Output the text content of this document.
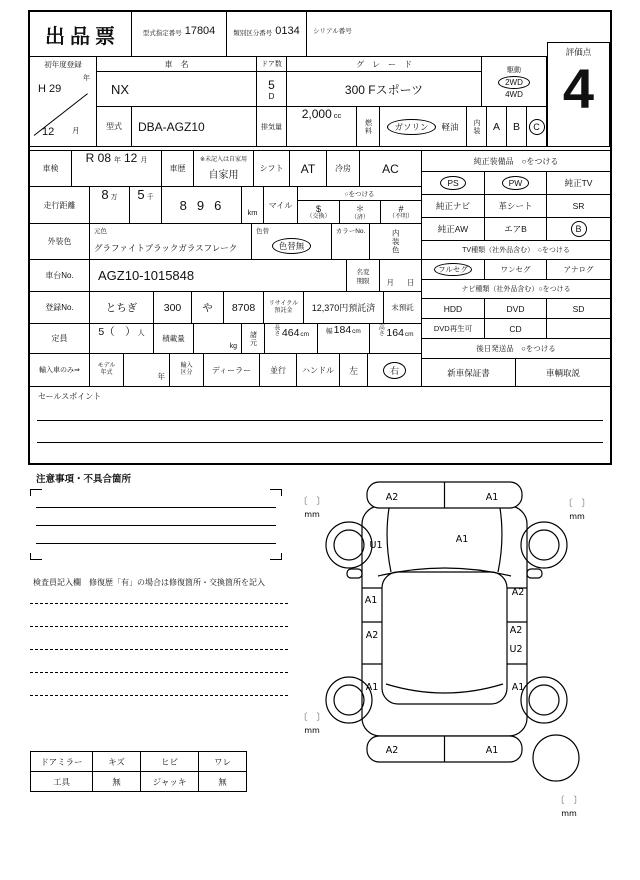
出品票	型式指定番号 17804	類別区分番号 0134 シリアル番号
初年度登録
年
H 29
12 月
車　名
NX
ドア数
5
D
グ　レ　ー　ド
300 Fスポーツ
駆動
2WD
4WD
型式	DBA-AGZ10	排気量
2,000 cc
燃料	ガソリン	軽油 内装	A	B	C
評価点
4
車検
R 08 年 12 月
車歴
※未記入は自家用
自家用
シフト	AT	冷房	AC
走行距離
8 万 5 千	896	km
マイル
○をつける
$
（交換）
＊
（済）
#
（不明）
外装色
元色
グラファイトブラックガラスフレーク
色替
色替無
カラーNo.	内装色
車台No.	AGZ10-1015848	名変
期限 月 日
登録No.	とちぎ	300	や	8708	リサイクル
預託金	12,370円預託済	未預託
定員
5（　） 人
積載量
kg	諸元
長さ 464 cm	幅 184 cm	高さ 164 cm
輸入車のみ⇒
モデル
年式	年
輸入
区分	ディーラー	並行	ハンドル	左	右
純正装備品　○をつける
PS	PW	純正TV
純正ナビ	革シート	SR
純正AW	エアB	B
TV種類（社外品含む）　○をつける
フルセグ	ワンセグ	アナログ
ナビ種類（社外品含む）○をつける
HDD	DVD	SD
DVD再生可	CD
後日発送品　○をつける
新車保証書	車輌取説
セールスポイント
注意事項・不具合箇所
検査員記入欄　修復歴「有」の場合は修復箇所・交換箇所を記入
ドアミラー	キズ	ヒビ	ワレ
工具	無	ジャッキ	無
A2	A1
U1
A1
A1
A2
A2	A2
U2
A1	A1
A2	A1
〔　〕
mm
〔　〕
mm
〔　〕
mm
〔　〕
mm
